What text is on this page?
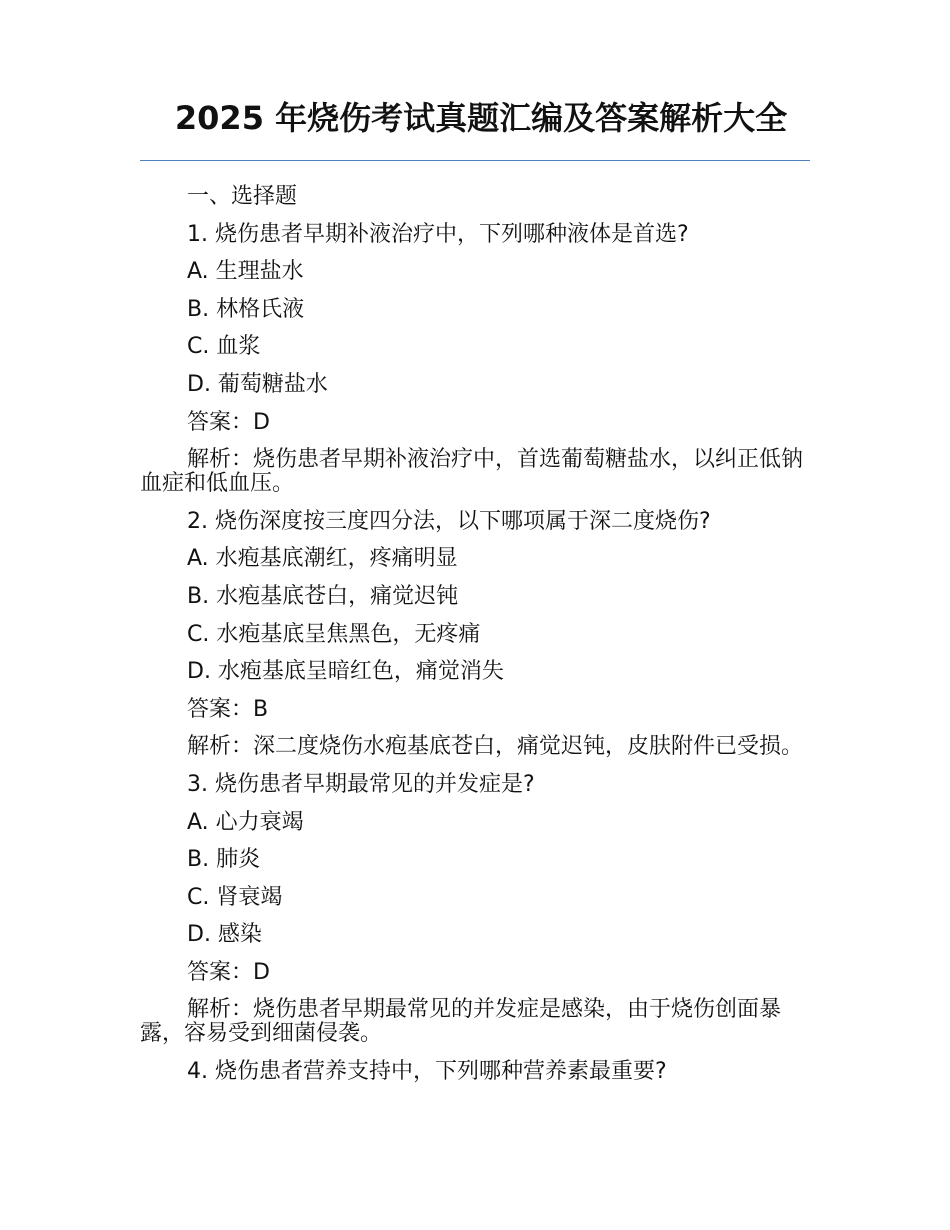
2025 年烧伤考试真题汇编及答案解析大全

一、选择题

1. 烧伤患者早期补液治疗中，下列哪种液体是首选?

A. 生理盐水

B. 林格氏液

C. 血浆

D. 葡萄糖盐水

答案：D

解析：烧伤患者早期补液治疗中，首选葡萄糖盐水，以纠正低钠血症和低血压。

2. 烧伤深度按三度四分法，以下哪项属于深二度烧伤?

A. 水疱基底潮红，疼痛明显

B. 水疱基底苍白，痛觉迟钝

C. 水疱基底呈焦黑色，无疼痛

D. 水疱基底呈暗红色，痛觉消失

答案：B

解析：深二度烧伤水疱基底苍白，痛觉迟钝，皮肤附件已受损。

3. 烧伤患者早期最常见的并发症是?

A. 心力衰竭

B. 肺炎

C. 肾衰竭

D. 感染

答案：D

解析：烧伤患者早期最常见的并发症是感染，由于烧伤创面暴露，容易受到细菌侵袭。

4. 烧伤患者营养支持中，下列哪种营养素最重要?
